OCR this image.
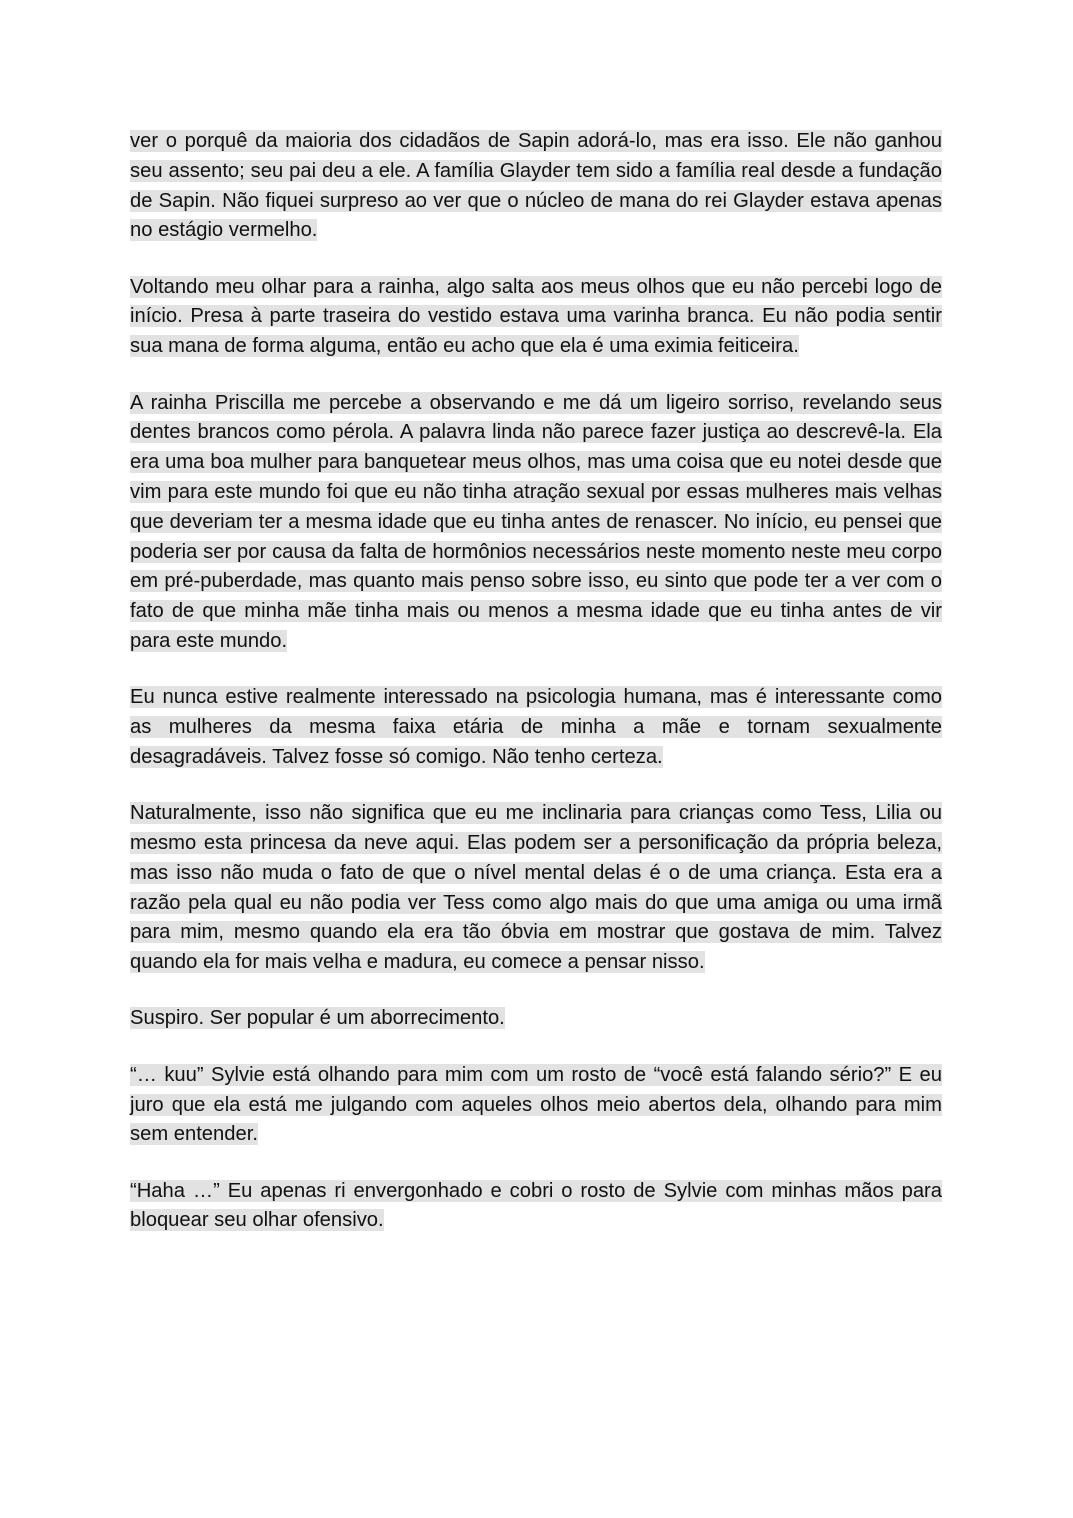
ver o porquê da maioria dos cidadãos de Sapin adorá-lo, mas era isso. Ele não ganhou seu assento; seu pai deu a ele. A família Glayder tem sido a família real desde a fundação de Sapin. Não fiquei surpreso ao ver que o núcleo de mana do rei Glayder estava apenas no estágio vermelho.

Voltando meu olhar para a rainha, algo salta aos meus olhos que eu não percebi logo de início. Presa à parte traseira do vestido estava uma varinha branca. Eu não podia sentir sua mana de forma alguma, então eu acho que ela é uma eximia feiticeira.

A rainha Priscilla me percebe a observando e me dá um ligeiro sorriso, revelando seus dentes brancos como pérola. A palavra linda não parece fazer justiça ao descrevê-la. Ela era uma boa mulher para banquetear meus olhos, mas uma coisa que eu notei desde que vim para este mundo foi que eu não tinha atração sexual por essas mulheres mais velhas que deveriam ter a mesma idade que eu tinha antes de renascer. No início, eu pensei que poderia ser por causa da falta de hormônios necessários neste momento neste meu corpo em pré-puberdade, mas quanto mais penso sobre isso, eu sinto que pode ter a ver com o fato de que minha mãe tinha mais ou menos a mesma idade que eu tinha antes de vir para este mundo.

Eu nunca estive realmente interessado na psicologia humana, mas é interessante como as mulheres da mesma faixa etária de minha a mãe e tornam sexualmente desagradáveis. Talvez fosse só comigo. Não tenho certeza.

Naturalmente, isso não significa que eu me inclinaria para crianças como Tess, Lilia ou mesmo esta princesa da neve aqui. Elas podem ser a personificação da própria beleza, mas isso não muda o fato de que o nível mental delas é o de uma criança. Esta era a razão pela qual eu não podia ver Tess como algo mais do que uma amiga ou uma irmã para mim, mesmo quando ela era tão óbvia em mostrar que gostava de mim. Talvez quando ela for mais velha e madura, eu comece a pensar nisso.

Suspiro. Ser popular é um aborrecimento.

“… kuu” Sylvie está olhando para mim com um rosto de “você está falando sério?” E eu juro que ela está me julgando com aqueles olhos meio abertos dela, olhando para mim sem entender.

“Haha …” Eu apenas ri envergonhado e cobri o rosto de Sylvie com minhas mãos para bloquear seu olhar ofensivo.
